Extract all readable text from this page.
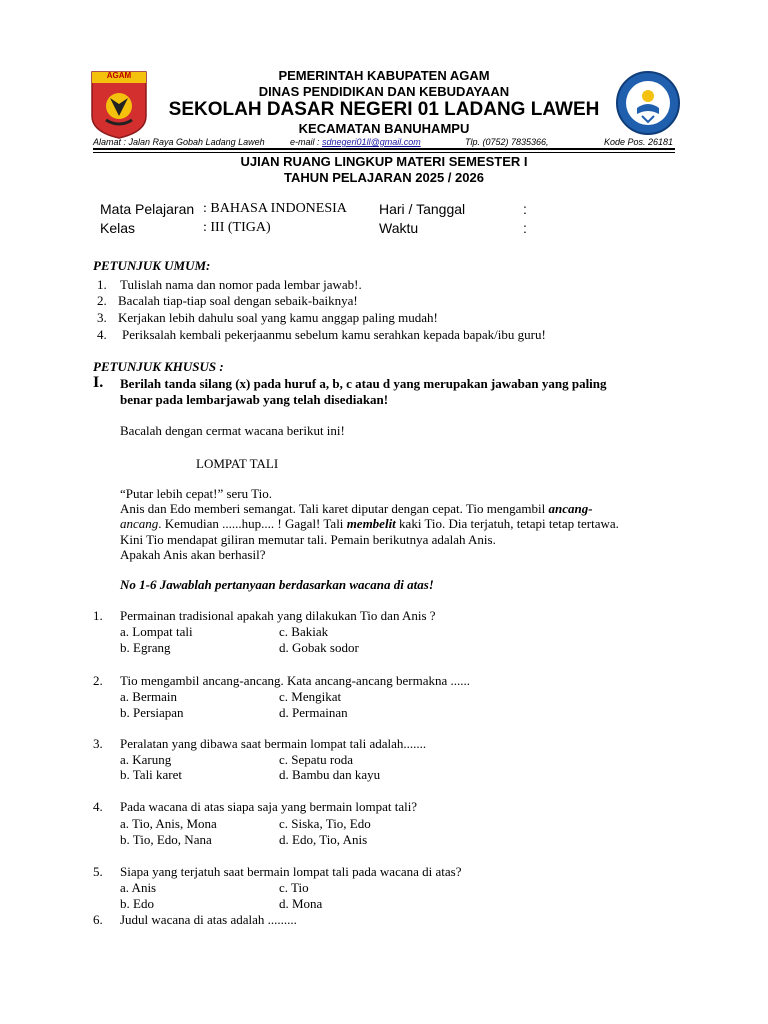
AGAM	PEMERINTAH KABUPATEN AGAM
DINAS PENDIDIKAN DAN KEBUDAYAAN
SEKOLAH DASAR NEGERI 01 LADANG LAWEH
KECAMATAN BANUHAMPU
Alamat : Jalan Raya Gobah Ladang Laweh	e-mail : sdnegeri01ll@gmail.com	Tlp. (0752) 7835366,	Kode Pos. 26181
UJIAN RUANG LINGKUP MATERI SEMESTER I
TAHUN PELAJARAN 2025 / 2026
Mata Pelajaran : BAHASA INDONESIA Hari / Tanggal	:
Kelas	: III (TIGA)	Waktu	:
PETUNJUK UMUM:
1. Tulislah nama dan nomor pada lembar jawab!.
2. Bacalah tiap-tiap soal dengan sebaik-baiknya!
3. Kerjakan lebih dahulu soal yang kamu anggap paling mudah!
4. Periksalah kembali pekerjaanmu sebelum kamu serahkan kepada bapak/ibu guru!
PETUNJUK KHUSUS :
I. Berilah tanda silang (x) pada huruf a, b, c atau d yang merupakan jawaban yang paling
benar pada lembarjawab yang telah disediakan!
Bacalah dengan cermat wacana berikut ini!
LOMPAT TALI
“Putar lebih cepat!” seru Tio.
Anis dan Edo memberi semangat. Tali karet diputar dengan cepat. Tio mengambil ancang-
ancang. Kemudian ......hup.... ! Gagal! Tali membelit kaki Tio. Dia terjatuh, tetapi tetap tertawa.
Kini Tio mendapat giliran memutar tali. Pemain berikutnya adalah Anis.
Apakah Anis akan berhasil?
No 1-6 Jawablah pertanyaan berdasarkan wacana di atas!
1. Permainan tradisional apakah yang dilakukan Tio dan Anis ?
a. Lompat tali	c. Bakiak
b. Egrang	d. Gobak sodor
2. Tio mengambil ancang-ancang. Kata ancang-ancang bermakna ......
a. Bermain	c. Mengikat
b. Persiapan	d. Permainan
3. Peralatan yang dibawa saat bermain lompat tali adalah.......
a. Karung	c. Sepatu roda
b. Tali karet	d. Bambu dan kayu
4. Pada wacana di atas siapa saja yang bermain lompat tali?
a. Tio, Anis, Mona	c. Siska, Tio, Edo
b. Tio, Edo, Nana	d. Edo, Tio, Anis
5. Siapa yang terjatuh saat bermain lompat tali pada wacana di atas?
a. Anis	c. Tio
b. Edo	d. Mona
6. Judul wacana di atas adalah .........
